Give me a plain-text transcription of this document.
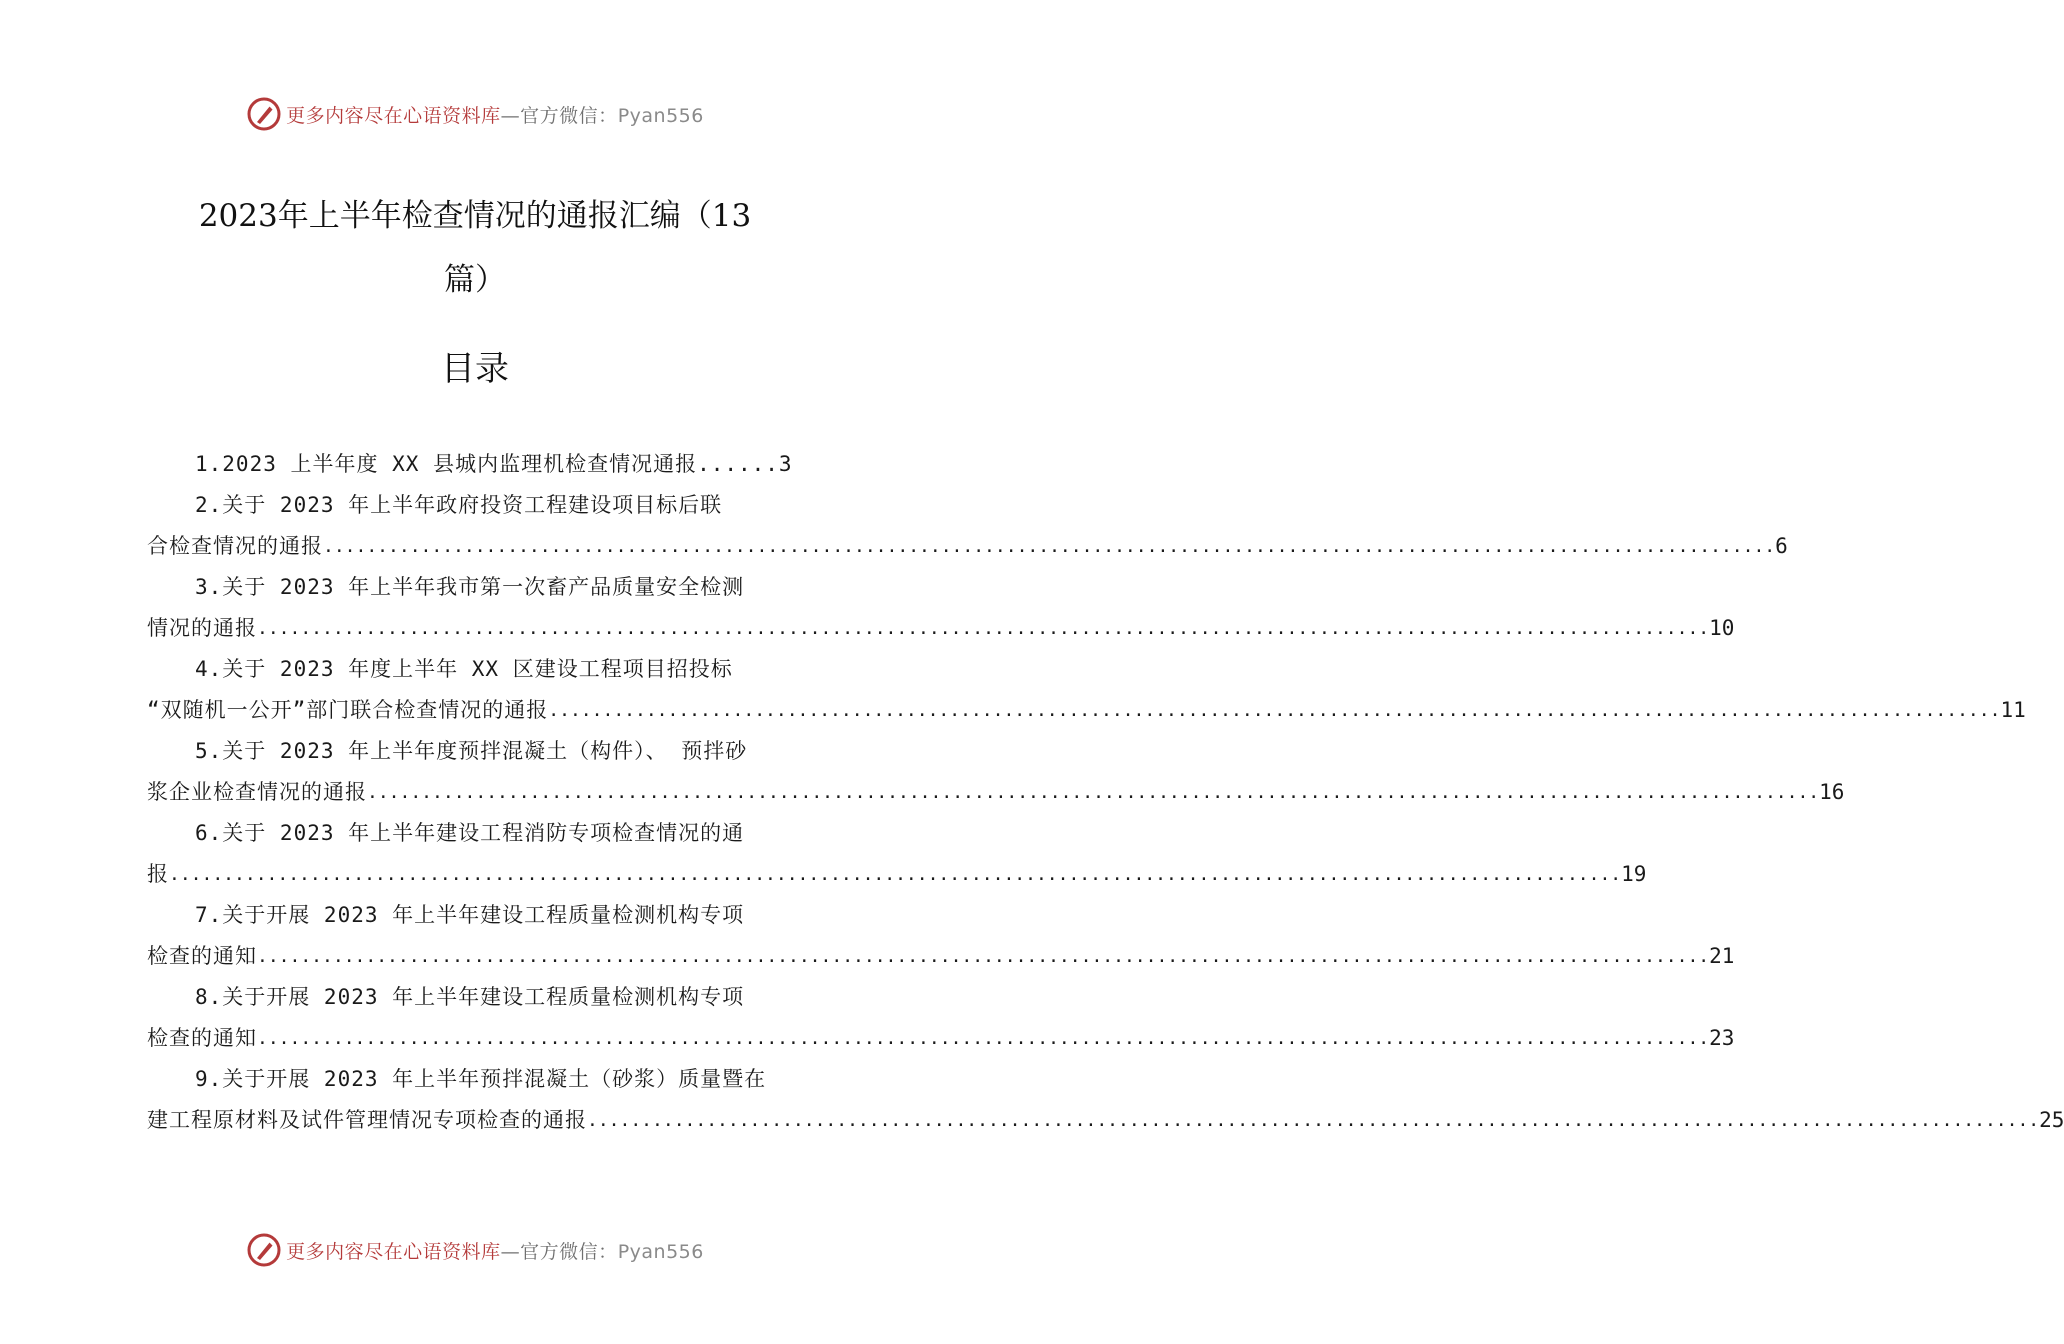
更多内容尽在心语资料库—官方微信：Pyan556
2023年上半年检查情况的通报汇编（13
篇）
目录
1.2023 上半年度 XX 县城内监理机检查情况通报......3
2.关于 2023 年上半年政府投资工程建设项目标后联
合检查情况的通报 ...................................................................................................................................... 6
3.关于 2023 年上半年我市第一次畜产品质量安全检测
情况的通报 ...................................................................................................................................... 10
4.关于 2023 年度上半年 XX 区建设工程项目招投标
“双随机一公开”部门联合检查情况的通报 ...................................................................................................................................... 11
5.关于 2023 年上半年度预拌混凝土（构件）、 预拌砂
浆企业检查情况的通报 ...................................................................................................................................... 16
6.关于 2023 年上半年建设工程消防专项检查情况的通
报 ...................................................................................................................................... 19
7.关于开展 2023 年上半年建设工程质量检测机构专项
检查的通知 ...................................................................................................................................... 21
8.关于开展 2023 年上半年建设工程质量检测机构专项
检查的通知 ...................................................................................................................................... 23
9.关于开展 2023 年上半年预拌混凝土（砂浆）质量暨在
建工程原材料及试件管理情况专项检查的通报 ...................................................................................................................................... 25
更多内容尽在心语资料库—官方微信：Pyan556
